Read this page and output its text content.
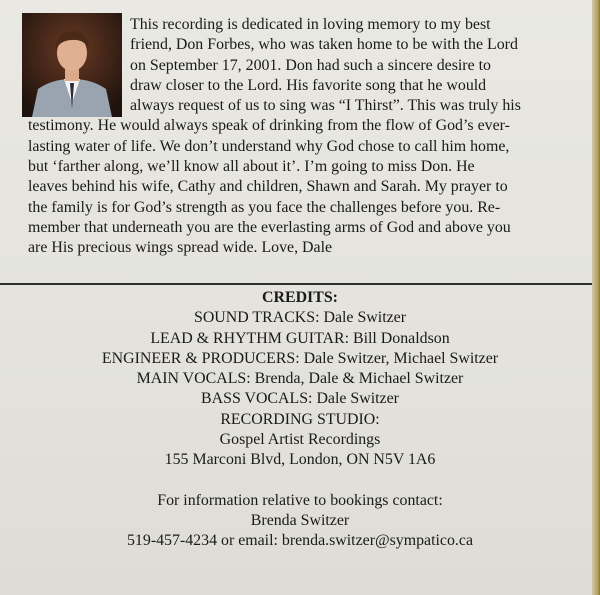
This recording is dedicated in loving memory to my best
friend, Don Forbes, who was taken home to be with the Lord
on September 17, 2001. Don had such a sincere desire to
draw closer to the Lord. His favorite song that he would
always request of us to sing was “I Thirst”. This was truly his
testimony. He would always speak of drinking from the flow of God’s ever-
lasting water of life. We don’t understand why God chose to call him home,
but ‘farther along, we’ll know all about it’. I’m going to miss Don. He
leaves behind his wife, Cathy and children, Shawn and Sarah. My prayer to
the family is for God’s strength as you face the challenges before you. Re-
member that underneath you are the everlasting arms of God and above you
are His precious wings spread wide. Love, Dale

CREDITS:
SOUND TRACKS: Dale Switzer
LEAD & RHYTHM GUITAR: Bill Donaldson
ENGINEER & PRODUCERS: Dale Switzer, Michael Switzer
MAIN VOCALS: Brenda, Dale & Michael Switzer
BASS VOCALS: Dale Switzer
RECORDING STUDIO:
Gospel Artist Recordings
155 Marconi Blvd, London, ON N5V 1A6
For information relative to bookings contact:
Brenda Switzer
519-457-4234 or email: brenda.switzer@sympatico.ca
